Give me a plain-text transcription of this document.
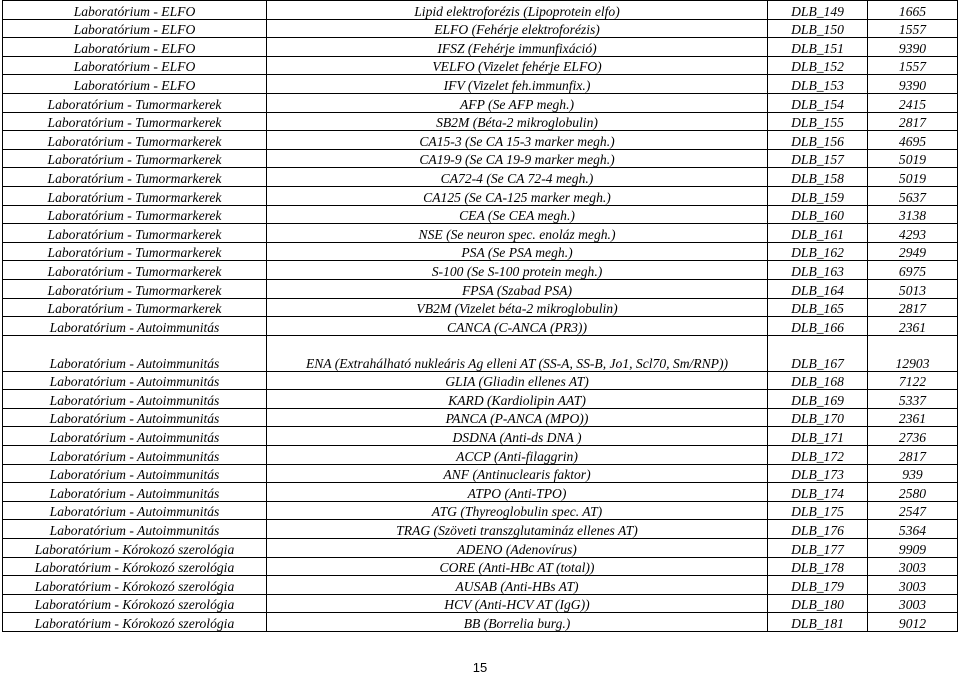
Laboratórium - ELFO	Lipid elektroforézis (Lipoprotein elfo)	DLB_149	1665
Laboratórium - ELFO	ELFO (Fehérje elektroforézis)	DLB_150	1557
Laboratórium - ELFO	IFSZ (Fehérje immunfixáció)	DLB_151	9390
Laboratórium - ELFO	VELFO (Vizelet fehérje ELFO)	DLB_152	1557
Laboratórium - ELFO	IFV (Vizelet feh.immunfix.)	DLB_153	9390
Laboratórium - Tumormarkerek	AFP (Se AFP megh.)	DLB_154	2415
Laboratórium - Tumormarkerek	SB2M (Béta-2 mikroglobulin)	DLB_155	2817
Laboratórium - Tumormarkerek	CA15-3 (Se CA 15-3 marker megh.)	DLB_156	4695
Laboratórium - Tumormarkerek	CA19-9 (Se CA 19-9 marker megh.)	DLB_157	5019
Laboratórium - Tumormarkerek	CA72-4 (Se CA 72-4 megh.)	DLB_158	5019
Laboratórium - Tumormarkerek	CA125 (Se CA-125 marker megh.)	DLB_159	5637
Laboratórium - Tumormarkerek	CEA (Se CEA megh.)	DLB_160	3138
Laboratórium - Tumormarkerek	NSE (Se neuron spec. enoláz megh.)	DLB_161	4293
Laboratórium - Tumormarkerek	PSA (Se PSA megh.)	DLB_162	2949
Laboratórium - Tumormarkerek	S-100 (Se S-100 protein megh.)	DLB_163	6975
Laboratórium - Tumormarkerek	FPSA (Szabad PSA)	DLB_164	5013
Laboratórium - Tumormarkerek	VB2M (Vizelet béta-2 mikroglobulin)	DLB_165	2817
Laboratórium - Autoimmunitás	CANCA (C-ANCA (PR3))	DLB_166	2361
Laboratórium - Autoimmunitás	ENA (Extrahálható nukleáris Ag elleni AT (SS-A, SS-B, Jo1, Scl70, Sm/RNP))	DLB_167	12903
Laboratórium - Autoimmunitás	GLIA (Gliadin ellenes AT)	DLB_168	7122
Laboratórium - Autoimmunitás	KARD (Kardiolipin AAT)	DLB_169	5337
Laboratórium - Autoimmunitás	PANCA (P-ANCA (MPO))	DLB_170	2361
Laboratórium - Autoimmunitás	DSDNA (Anti-ds DNA )	DLB_171	2736
Laboratórium - Autoimmunitás	ACCP (Anti-filaggrin)	DLB_172	2817
Laboratórium - Autoimmunitás	ANF (Antinuclearis faktor)	DLB_173	939
Laboratórium - Autoimmunitás	ATPO (Anti-TPO)	DLB_174	2580
Laboratórium - Autoimmunitás	ATG (Thyreoglobulin spec. AT)	DLB_175	2547
Laboratórium - Autoimmunitás	TRAG (Szöveti transzglutamináz ellenes AT)	DLB_176	5364
Laboratórium - Kórokozó szerológia	ADENO (Adenovírus)	DLB_177	9909
Laboratórium - Kórokozó szerológia	CORE (Anti-HBc AT (total))	DLB_178	3003
Laboratórium - Kórokozó szerológia	AUSAB (Anti-HBs AT)	DLB_179	3003
Laboratórium - Kórokozó szerológia	HCV (Anti-HCV AT (IgG))	DLB_180	3003
Laboratórium - Kórokozó szerológia	BB (Borrelia burg.)	DLB_181	9012
15
